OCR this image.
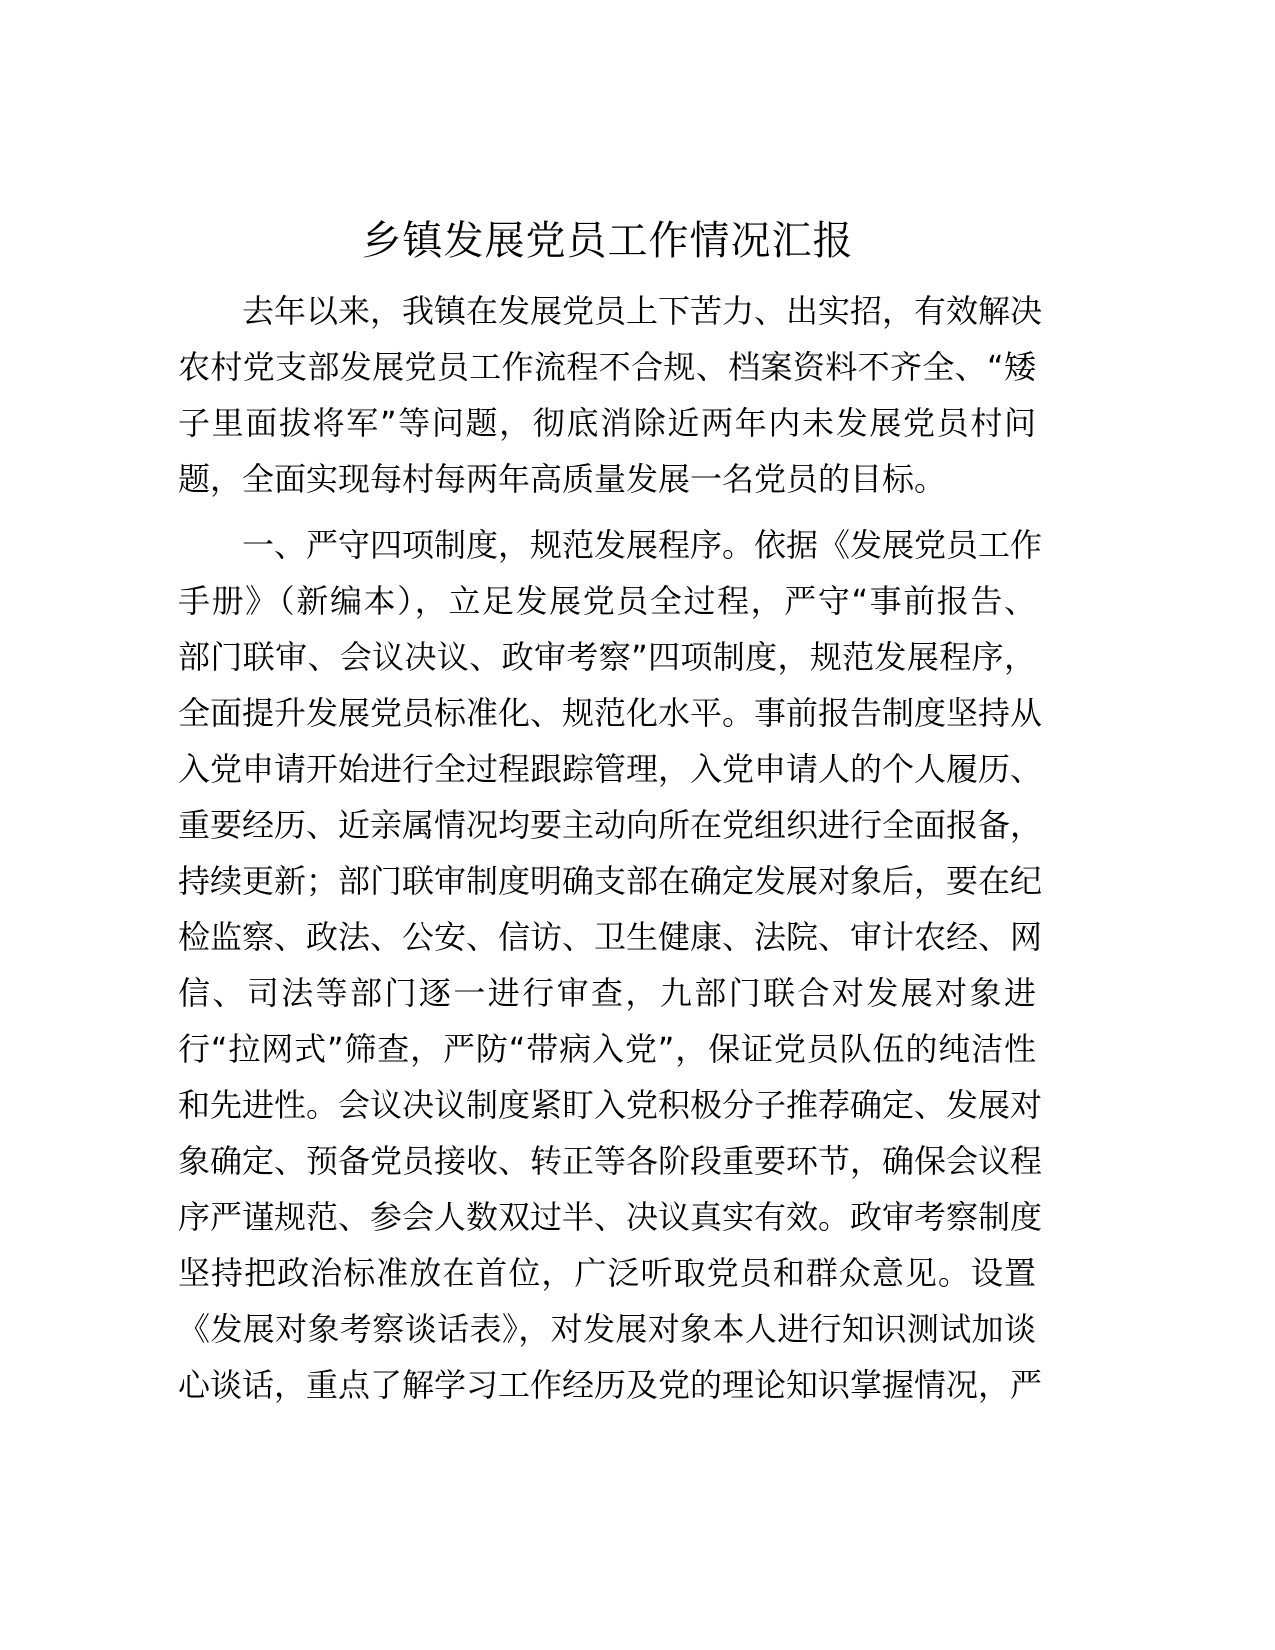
乡镇发展党员工作情况汇报
去年以来，我镇在发展党员上下苦力、出实招，有效解决
农村党支部发展党员工作流程不合规、档案资料不齐全、“矮
子里面拔将军”等问题，彻底消除近两年内未发展党员村问
题，全面实现每村每两年高质量发展一名党员的目标。
一、严守四项制度，规范发展程序。依据《发展党员工作
手册》（新编本），立足发展党员全过程，严守“事前报告、
部门联审、会议决议、政审考察”四项制度，规范发展程序，
全面提升发展党员标准化、规范化水平。事前报告制度坚持从
入党申请开始进行全过程跟踪管理，入党申请人的个人履历、
重要经历、近亲属情况均要主动向所在党组织进行全面报备，
持续更新；部门联审制度明确支部在确定发展对象后，要在纪
检监察、政法、公安、信访、卫生健康、法院、审计农经、网
信、司法等部门逐一进行审查，九部门联合对发展对象进
行“拉网式”筛查，严防“带病入党”，保证党员队伍的纯洁性
和先进性。会议决议制度紧盯入党积极分子推荐确定、发展对
象确定、预备党员接收、转正等各阶段重要环节，确保会议程
序严谨规范、参会人数双过半、决议真实有效。政审考察制度
坚持把政治标准放在首位，广泛听取党员和群众意见。设置
《发展对象考察谈话表》，对发展对象本人进行知识测试加谈
心谈话，重点了解学习工作经历及党的理论知识掌握情况，严
